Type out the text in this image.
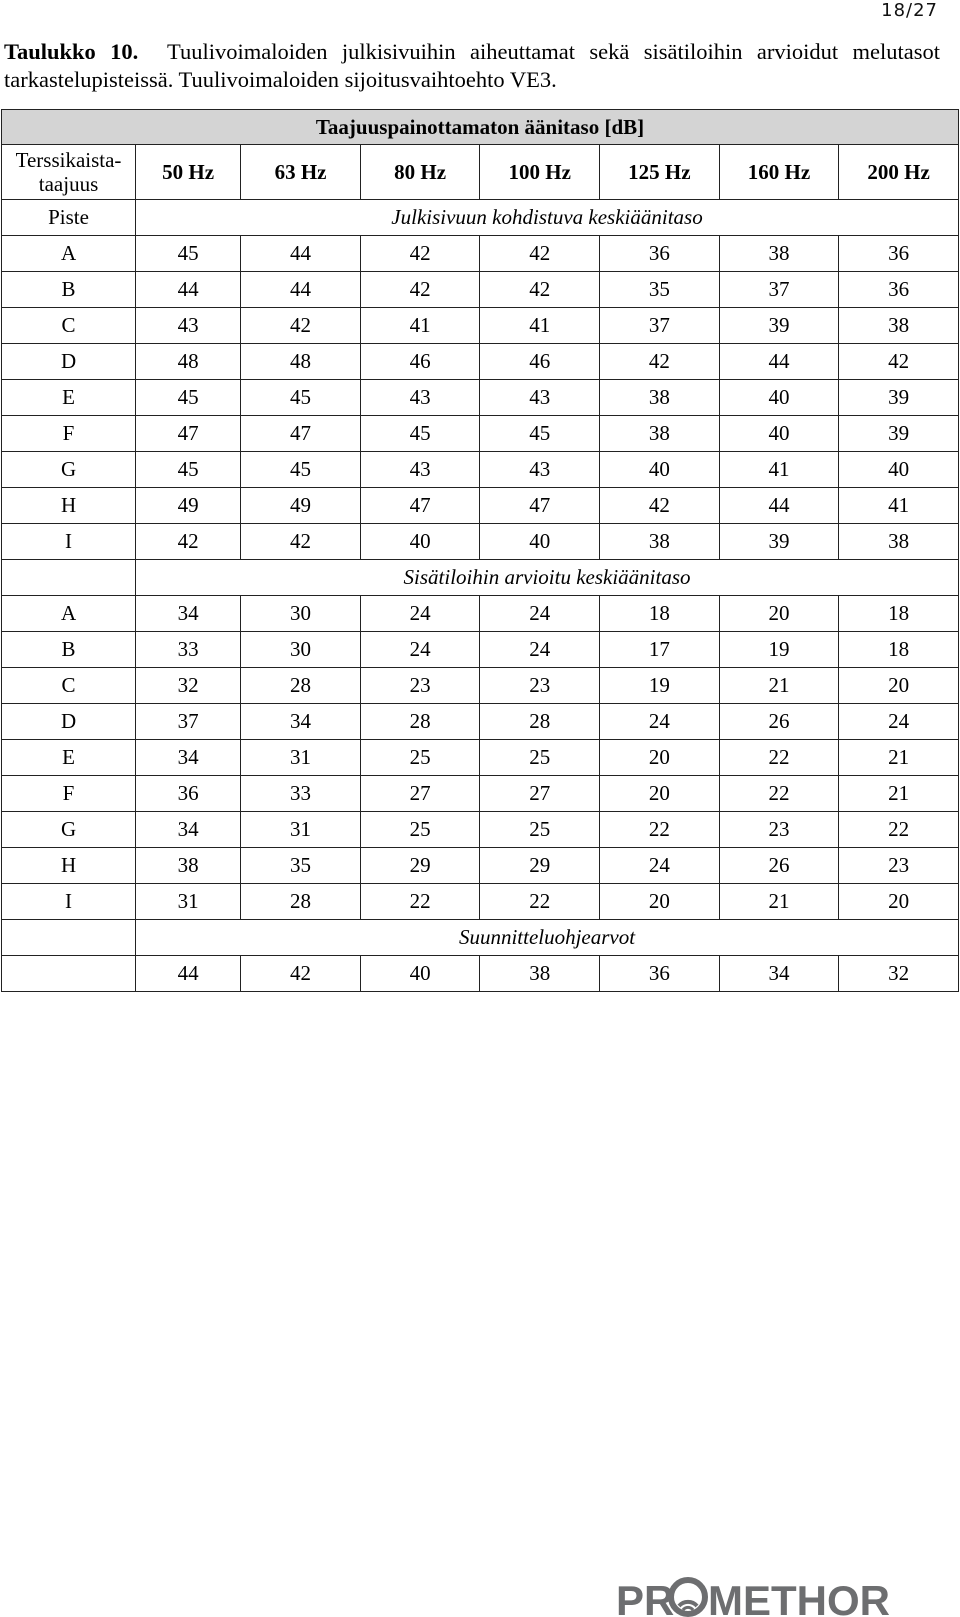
18/27
Taulukko 10. Tuulivoimaloiden julkisivuihin aiheuttamat sekä sisätiloihin arvioidut melutasot tarkastelupisteissä. Tuulivoimaloiden sijoitusvaihtoehto VE3.
Taajuuspainottamaton äänitaso [dB]							
Terssikaista-
taajuus	50 Hz	63 Hz	80 Hz	100 Hz	125 Hz	160 Hz	200 Hz
Piste	Julkisivuun kohdistuva keskiäänitaso						
A	45	44	42	42	36	38	36
B	44	44	42	42	35	37	36
C	43	42	41	41	37	39	38
D	48	48	46	46	42	44	42
E	45	45	43	43	38	40	39
F	47	47	45	45	38	40	39
G	45	45	43	43	40	41	40
H	49	49	47	47	42	44	41
I	42	42	40	40	38	39	38
	Sisätiloihin arvioitu keskiäänitaso						
A	34	30	24	24	18	20	18
B	33	30	24	24	17	19	18
C	32	28	23	23	19	21	20
D	37	34	28	28	24	26	24
E	34	31	25	25	20	22	21
F	36	33	27	27	20	22	21
G	34	31	25	25	22	23	22
H	38	35	29	29	24	26	23
I	31	28	22	22	20	21	20
	Suunnitteluohjearvot						
	44	42	40	38	36	34	32
PR METHOR
